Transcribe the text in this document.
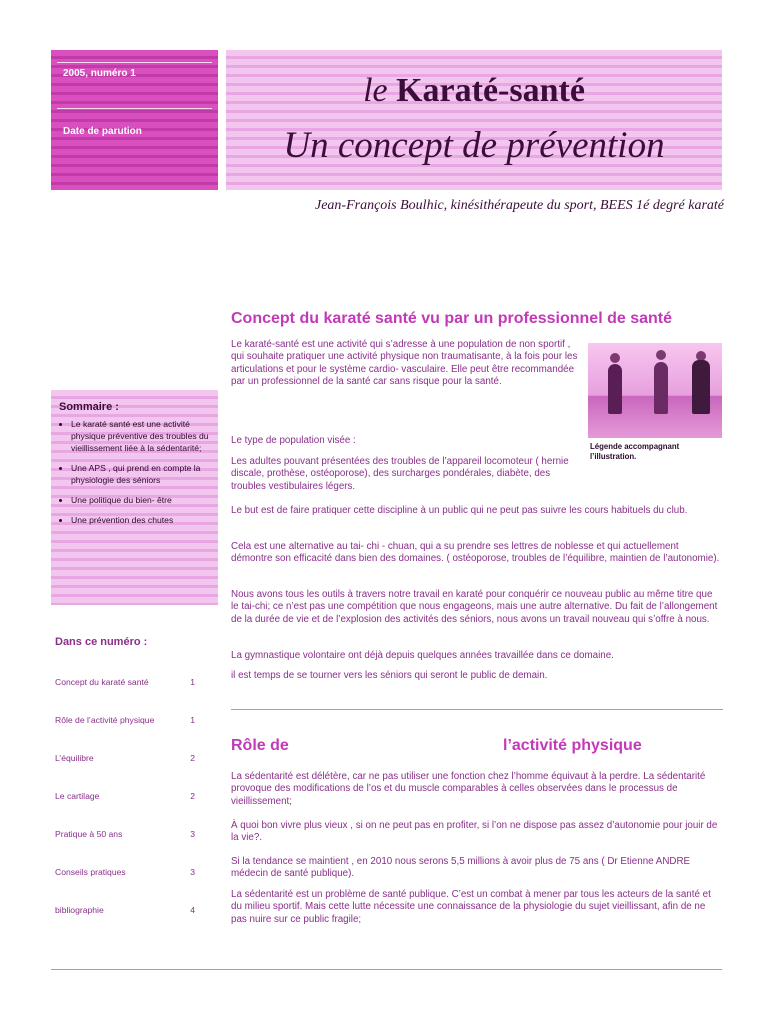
2005, numéro 1
Date de parution
le Karaté-santé
Un concept de prévention
Jean-François Boulhic, kinésithérapeute du sport, BEES 1é degré karaté
Sommaire :
• Le karaté santé est une activité physique préventive des troubles du vieillissement liée à la sédentarité;
• Une APS , qui prend en compte la physiologie des séniors
• Une politique du bien- être
• Une prévention des chutes
Dans ce numéro :
Concept du karaté santé	1
Rôle de l’activité physique	1
L’équilibre	2
Le cartilage	2
Pratique à 50 ans	3
Conseils pratiques	3
bibliographie	4
Concept du karaté santé vu par un professionnel de santé
Le karaté-santé est une activité qui s’adresse à une population de non sportif , qui souhaite pratiquer une activité physique non traumatisante, à la fois pour les articulations et pour le système cardio- vasculaire. Elle peut être recommandée par un professionnel de la santé car sans risque pour la santé.
Légende accompagnant l’illustration.
Le type de population visée :
Les adultes pouvant présentées des troubles de l’appareil locomoteur ( hernie discale, prothèse, ostéoporose), des surcharges pondérales, diabète, des troubles vestibulaires légers.
Le but est de faire pratiquer cette discipline à un public qui ne peut pas suivre les cours habituels du club.
Cela est une alternative au tai- chi - chuan, qui a su prendre ses lettres de noblesse et qui actuellement démontre son efficacité dans bien des domaines. ( ostéoporose, troubles de l’équilibre, maintien de l’autonomie).
Nous avons tous les outils à travers notre travail en karaté pour conquérir ce nouveau public au même titre que le tai-chi; ce n’est pas une compétition que nous engageons, mais une autre alternative. Du fait de l’allongement de la durée de vie et de l’explosion des activités des séniors, nous avons un travail nouveau qui s’offre à nous.
La gymnastique volontaire ont déjà depuis quelques années travaillée dans ce domaine.
il est temps de se tourner vers les séniors qui seront le public de demain.
Rôle de	l’activité physique
La sédentarité est délétère, car ne pas utiliser une fonction chez l’homme équivaut à la perdre. La sédentarité provoque des modifications de l’os et du muscle comparables à celles observées dans le processus de vieillissement;
À quoi bon vivre plus vieux , si on ne peut pas en profiter, si l’on ne dispose pas assez d’autonomie pour jouir de la vie?.
Si la tendance se maintient , en 2010 nous serons 5,5 millions à avoir plus de 75 ans ( Dr Etienne ANDRE médecin de santé publique).
La sédentarité est un problème de santé publique. C’est un combat à mener par tous les acteurs de la santé et du milieu sportif. Mais cette lutte nécessite une connaissance de la physiologie du sujet vieillissant, afin de ne pas nuire sur ce public fragile;
